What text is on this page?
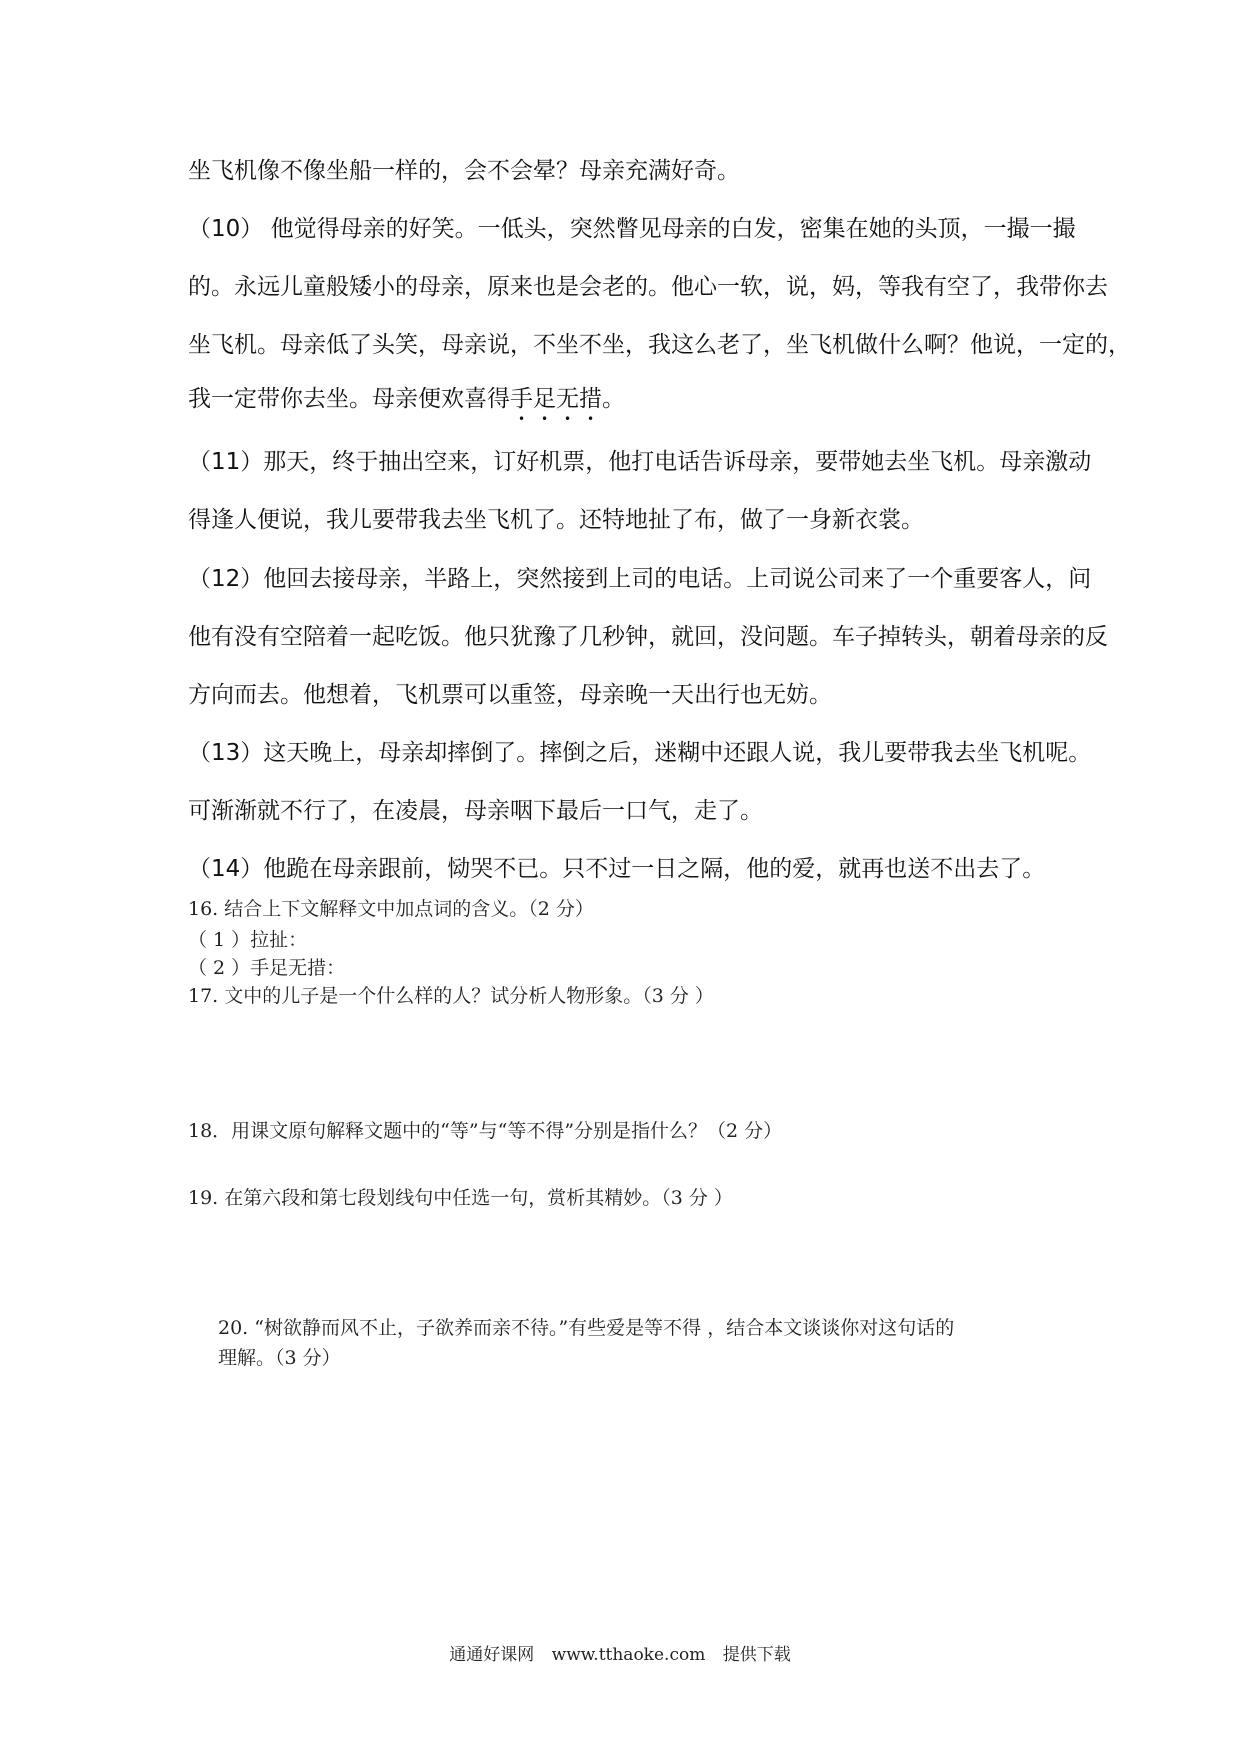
坐飞机像不像坐船一样的，会不会晕？母亲充满好奇。

（10） 他觉得母亲的好笑。一低头，突然瞥见母亲的白发，密集在她的头顶，一撮一撮

的。永远儿童般矮小的母亲，原来也是会老的。他心一软，说，妈，等我有空了，我带你去

坐飞机。母亲低了头笑，母亲说，不坐不坐，我这么老了，坐飞机做什么啊？他说，一定的，

我一定带你去坐。母亲便欢喜得手足无措。

（11）那天，终于抽出空来，订好机票，他打电话告诉母亲，要带她去坐飞机。母亲激动

得逢人便说，我儿要带我去坐飞机了。还特地扯了布，做了一身新衣裳。

（12）他回去接母亲，半路上，突然接到上司的电话。上司说公司来了一个重要客人，问

他有没有空陪着一起吃饭。他只犹豫了几秒钟，就回，没问题。车子掉转头，朝着母亲的反

方向而去。他想着，飞机票可以重签，母亲晚一天出行也无妨。

（13）这天晚上，母亲却摔倒了。摔倒之后，迷糊中还跟人说，我儿要带我去坐飞机呢。

可渐渐就不行了，在凌晨，母亲咽下最后一口气，走了。

（14）他跪在母亲跟前，恸哭不已。只不过一日之隔，他的爱，就再也送不出去了。

16. 结合上下文解释文中加点词的含义。（2 分）

（ 1 ）拉扯：

（ 2 ）手足无措：

17. 文中的儿子是一个什么样的人？试分析人物形象。（3 分 ）

18．用课文原句解释文题中的“等”与“等不得”分别是指什么？（2 分）

19. 在第六段和第七段划线句中任选一句，赏析其精妙。（3 分 ）

20. “树欲静而风不止，子欲养而亲不待。”有些爱是等不得 ，结合本文谈谈你对这句话的

理解。（3 分）

通通好课网 www.tthaoke.com 提供下载
